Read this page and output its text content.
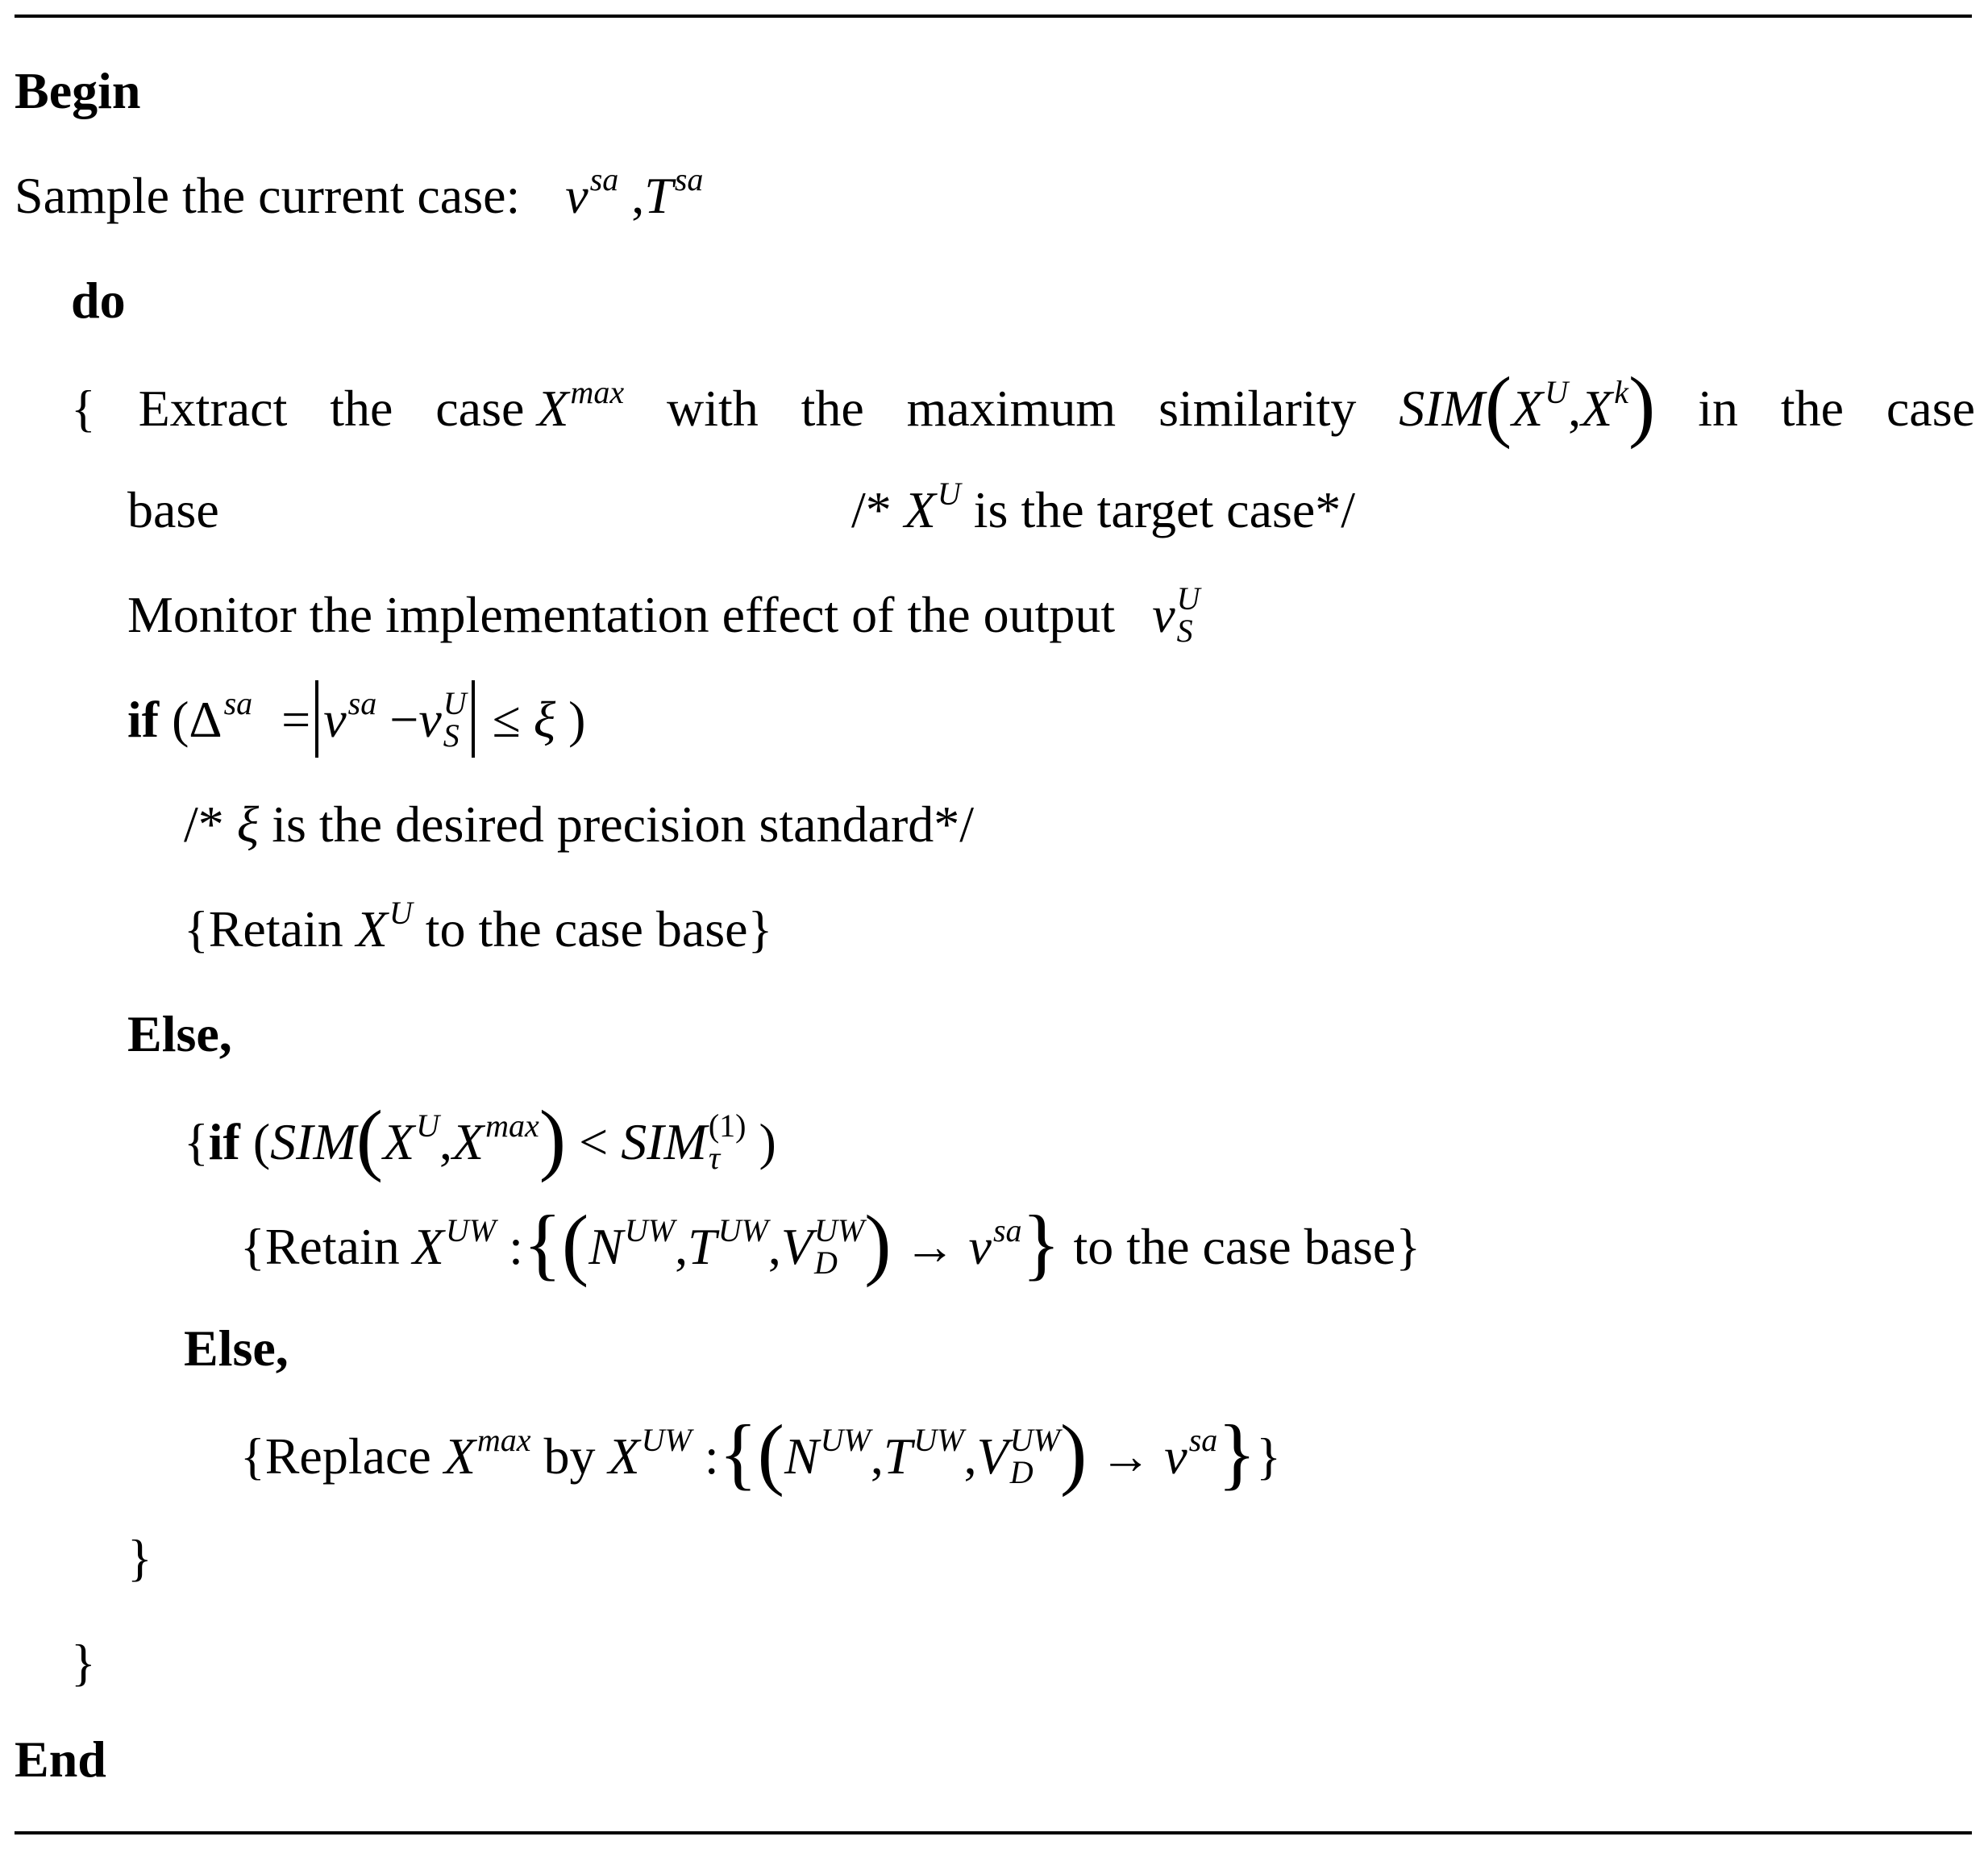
Begin
Sample the current case: $v^{sa}$ $,T^{sa}$
do
{ Extract the case $X^{max}$ with the maximum similarity $SIM(X^U,X^k)$ in the case
base	/* $X^U$ is the target case*/
Monitor the implementation effect of the output v U
S
if ($\Delta^{sa} = v^{sa} -v$ U
S ≤ ξ )
/* ξ is the desired precision standard*/
{Retain $X^U$ to the case base}
Else,
{if ($SIM(X^U,X^{max})$ < SIM (1)
τ )
{Retain $X^{UW}$ $:\{(N^{UW},T^{UW},V$ UW
D ) → $v^{sa}$} to the case base}
Else,
{Replace $X^{max}$ by $X^{UW}$ $:\{(N^{UW},T^{UW},V$ UW
D ) → $v^{sa}$}}
}
}
End
